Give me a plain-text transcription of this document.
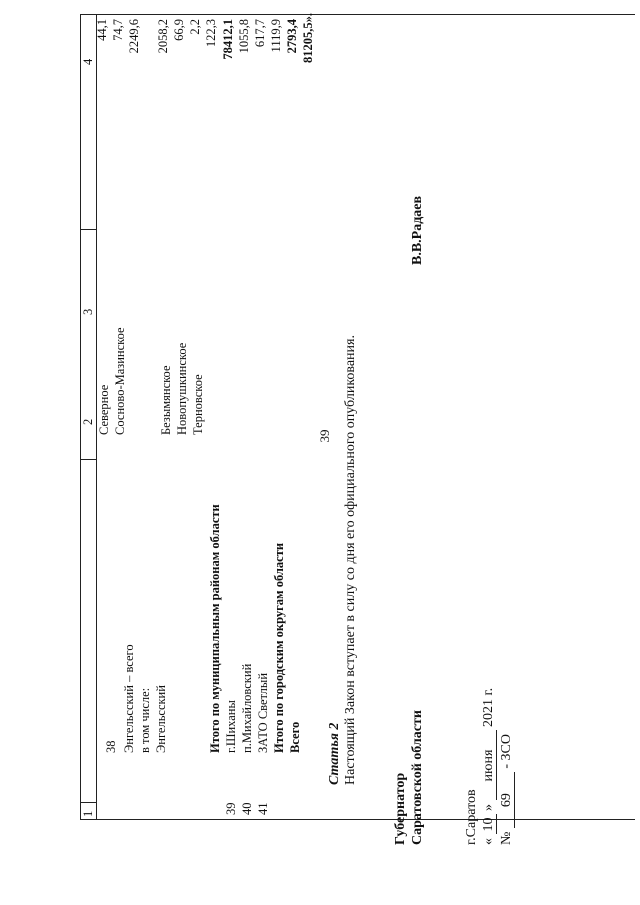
39
1
2
3
4
38 Энгельсский – всего в том числе: Энгельсский
Северное Сосново-Мазинское	Безымянское Новопушкинское Терновское
44,1 74,7 2249,6 2058,2 66,9 2,2 122,3
Итого по муниципальным районам области
78412,1
39
г.Шиханы
1055,8
40
п.Михайловский
617,7
41
ЗАТО Светлый
1119,9
Итого по городским округам области
2793,4
Всего
81205,5».
Статья 2 Настоящий Закон вступает в силу со дня его официального опубликования.
Губернатор Саратовской области
В.В.Радаев
г.Саратов « 10 » июня 2021 г.
№ 69 - ЗСО
